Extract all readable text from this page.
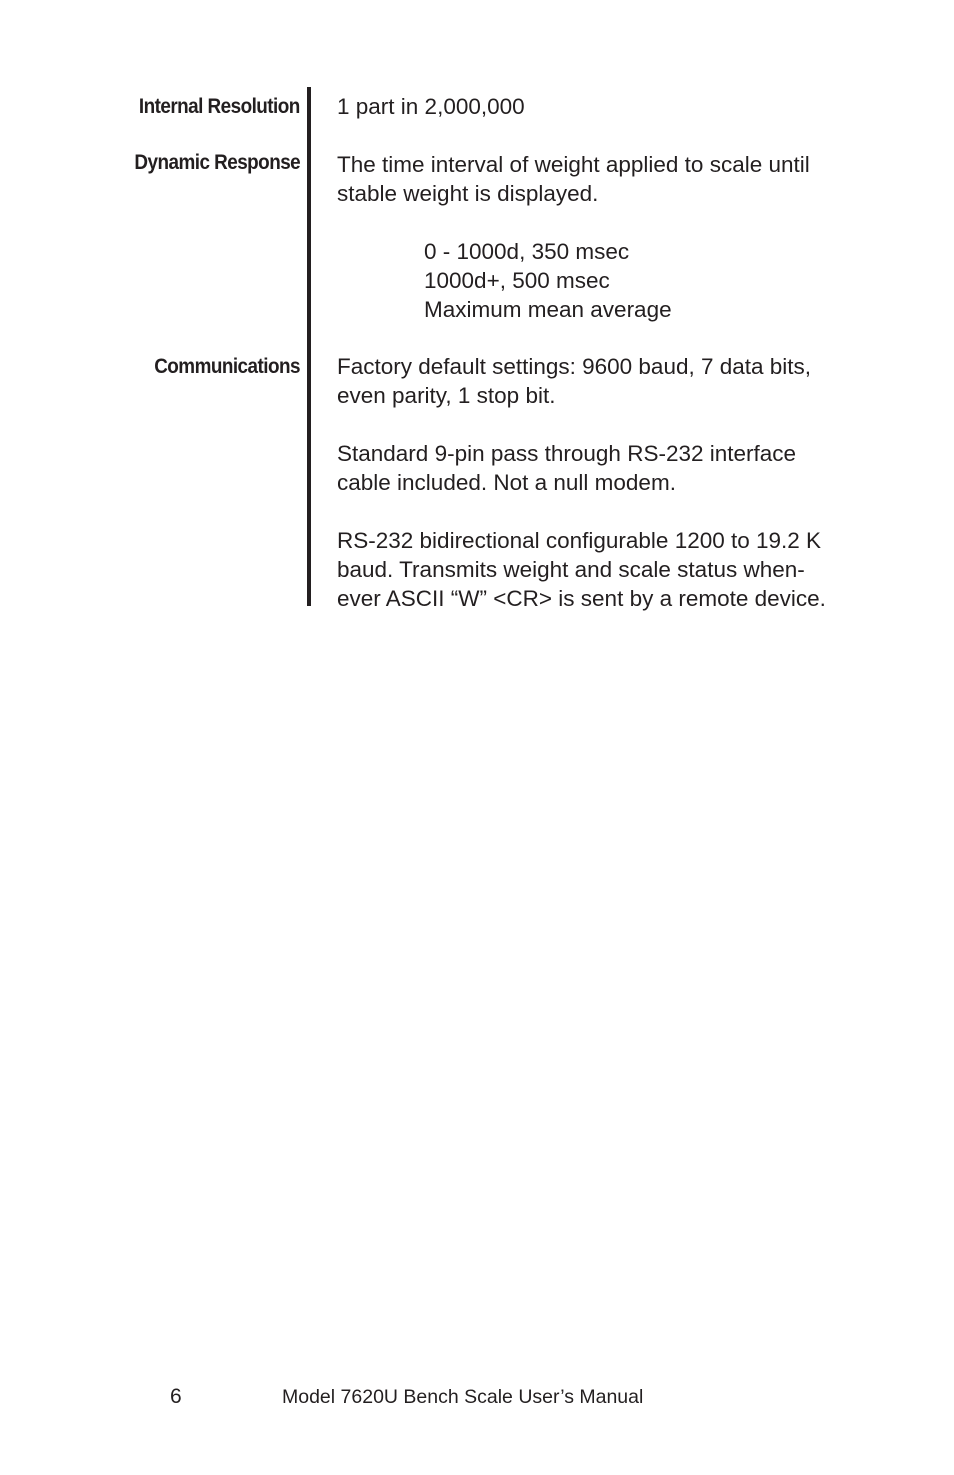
Internal Resolution 1 part in 2,000,000
Dynamic Response The time interval of weight applied to scale until
stable weight is displayed.
0 - 1000d, 350 msec
1000d+, 500 msec
Maximum mean average
Communications Factory default settings: 9600 baud, 7 data bits,
even parity, 1 stop bit.
Standard 9-pin pass through RS-232 interface
cable included. Not a null modem.
RS-232 bidirectional configurable 1200 to 19.2 K
baud. Transmits weight and scale status when-
ever ASCII “W” <CR> is sent by a remote device.
6	Model 7620U Bench Scale User’s Manual
